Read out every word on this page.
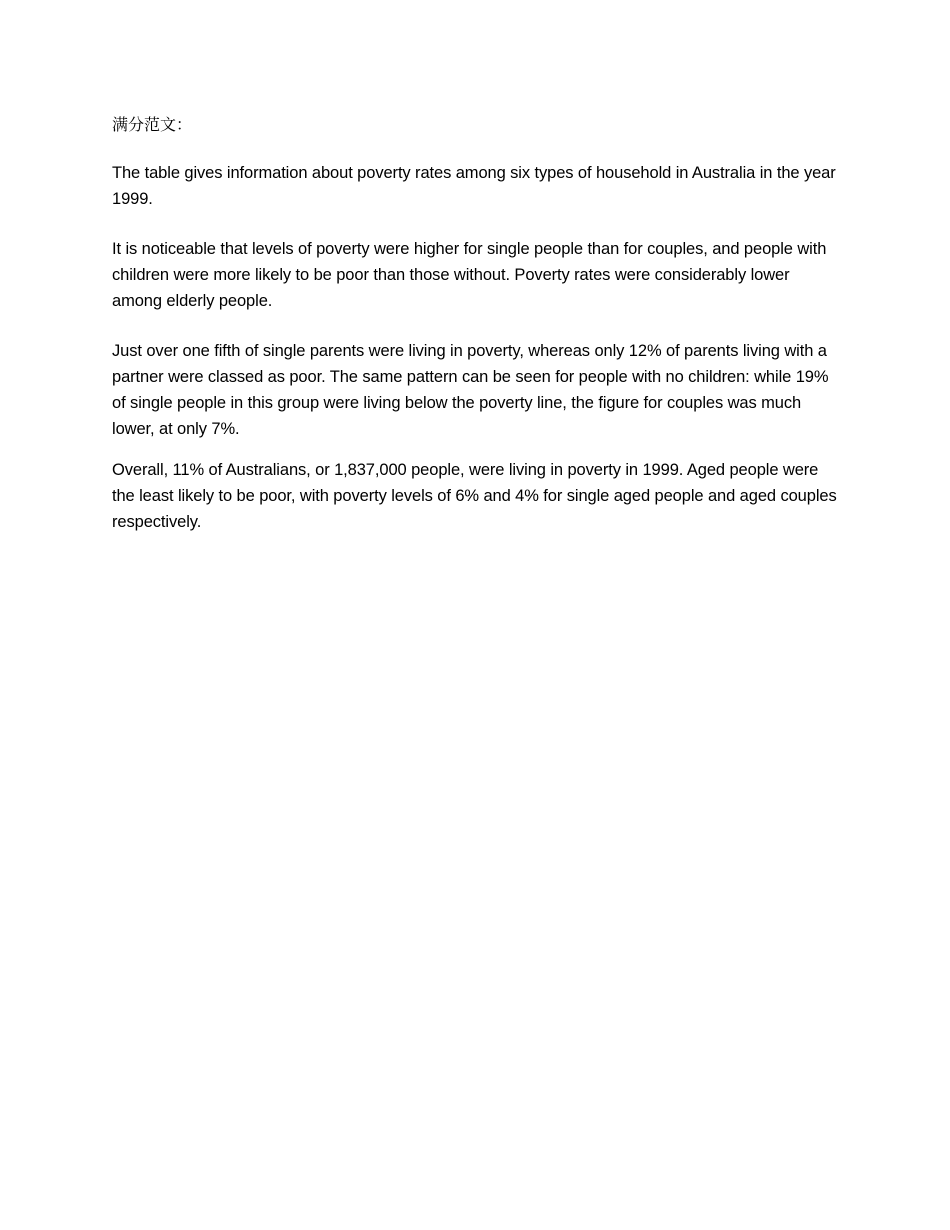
满分范文：

The table gives information about poverty rates among six types of household in Australia in the year 1999.

It is noticeable that levels of poverty were higher for single people than for couples, and people with children were more likely to be poor than those without. Poverty rates were considerably lower among elderly people.

Just over one fifth of single parents were living in poverty, whereas only 12% of parents living with a partner were classed as poor. The same pattern can be seen for people with no children: while 19% of single people in this group were living below the poverty line, the figure for couples was much lower, at only 7%.

Overall, 11% of Australians, or 1,837,000 people, were living in poverty in 1999. Aged people were the least likely to be poor, with poverty levels of 6% and 4% for single aged people and aged couples respectively.
